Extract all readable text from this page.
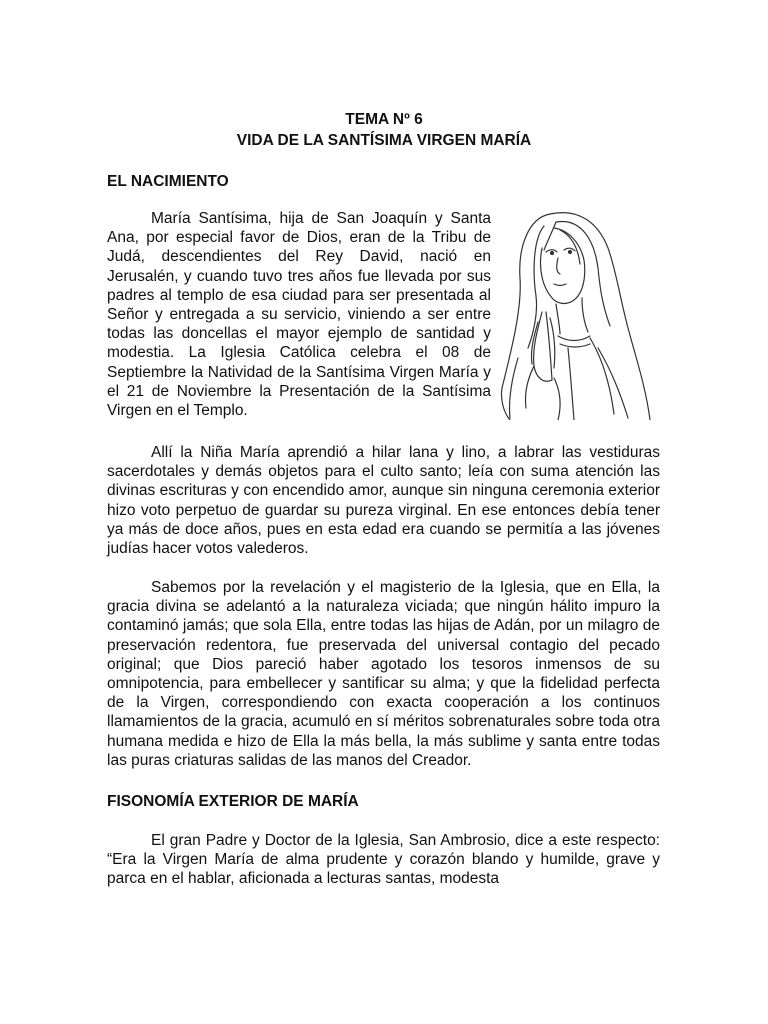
TEMA Nº 6
VIDA DE LA SANTÍSIMA VIRGEN MARÍA
EL NACIMIENTO

María Santísima, hija de San Joaquín y Santa Ana, por especial favor de Dios, eran de la Tribu de Judá, descendientes del Rey David, nació en Jerusalén, y cuando tuvo tres años fue llevada por sus padres al templo de esa ciudad para ser presentada al Señor y entregada a su servicio, viniendo a ser entre todas las doncellas el mayor ejemplo de santidad y modestia. La Iglesia Católica celebra el 08 de Septiembre la Natividad de la Santísima Virgen María y el 21 de Noviembre la Presentación de la Santísima Virgen en el Templo.

Allí la Niña María aprendió a hilar lana y lino, a labrar las vestiduras sacerdotales y demás objetos para el culto santo; leía con suma atención las divinas escrituras y con encendido amor, aunque sin ninguna ceremonia exterior hizo voto perpetuo de guardar su pureza virginal. En ese entonces debía tener ya más de doce años, pues en esta edad era cuando se permitía a las jóvenes judías hacer votos valederos.

Sabemos por la revelación y el magisterio de la Iglesia, que en Ella, la gracia divina se adelantó a la naturaleza viciada; que ningún hálito impuro la contaminó jamás; que sola Ella, entre todas las hijas de Adán, por un milagro de preservación redentora, fue preservada del universal contagio del pecado original; que Dios pareció haber agotado los tesoros inmensos de su omnipotencia, para embellecer y santificar su alma; y que la fidelidad perfecta de la Virgen, correspondiendo con exacta cooperación a los continuos llamamientos de la gracia, acumuló en sí méritos sobrenaturales sobre toda otra humana medida e hizo de Ella la más bella, la más sublime y santa entre todas las puras criaturas salidas de las manos del Creador.

FISONOMÍA EXTERIOR DE MARÍA

El gran Padre y Doctor de la Iglesia, San Ambrosio, dice a este respecto: “Era la Virgen María de alma prudente y corazón blando y humilde, grave y parca en el hablar, aficionada a lecturas santas, modesta
